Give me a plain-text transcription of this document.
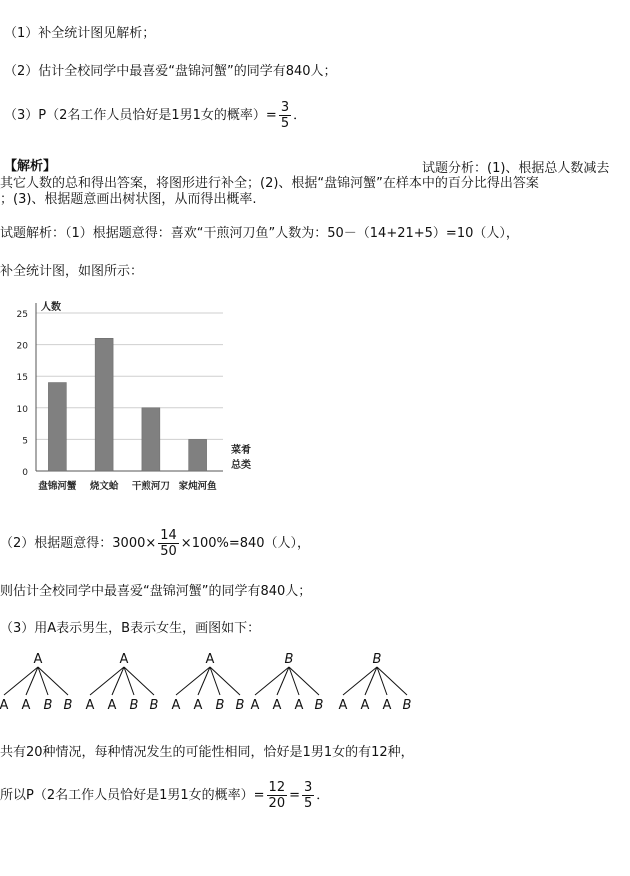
（1）补全统计图见解析；
（2）估计全校同学中最喜爱“盘锦河蟹”的同学有840人；
（3）P（2名工作人员恰好是1男1女的概率）= $\frac{3}{5}$ ．
【解析】	试题分析：(1)、根据总人数减去
其它人数的总和得出答案，将图形进行补全；(2)、根据“盘锦河蟹”在样本中的百分比得出答案
；(3)、根据题意画出树状图，从而得出概率.
试题解析：（1）根据题意得：喜欢“干煎河刀鱼”人数为：50－（14+21+5）=10（人），
补全统计图，如图所示：
0
5
10
15
20
25
人数
菜肴
总类
盘锦河蟹 烧文蛤 干煎河刀 家炖河鱼
（2）根据题意得：$3000\times \frac{14}{50} \times 100\%=840$（人），
则估计全校同学中最喜爱“盘锦河蟹”的同学有840人；
（3）用A表示男生，B表示女生，画图如下：
A
A A B B
A
A A B B
A
A A B B
B
A A A B
B
A A A B
共有20种情况，每种情况发生的可能性相同，恰好是1男1女的有12种，
所以P（2名工作人员恰好是1男1女的概率）= $\frac{12}{20} = \frac{3}{5}$ ．
